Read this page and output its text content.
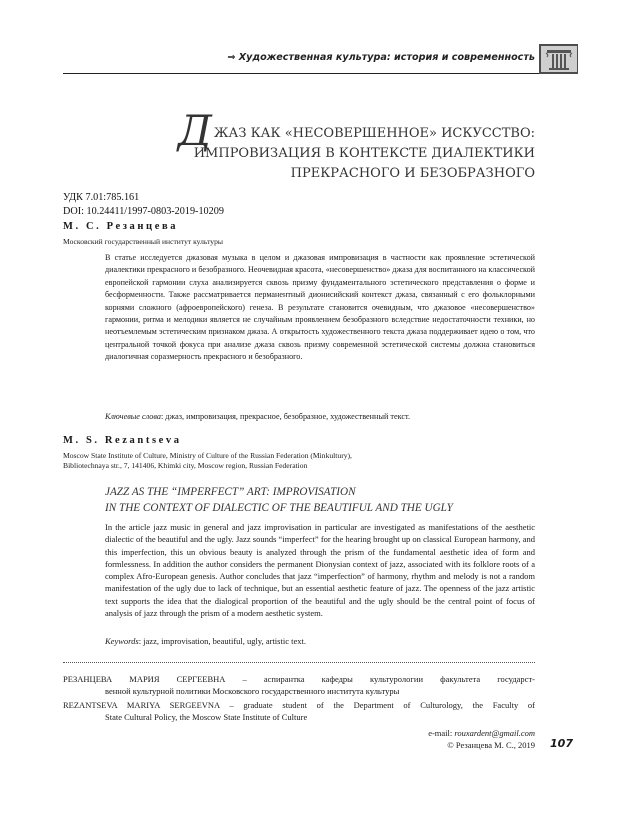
⇒ Художественная культура: история и современность
ДЖАЗ КАК «НЕСОВЕРШЕННОЕ» ИСКУССТВО:
ИМПРОВИЗАЦИЯ В КОНТЕКСТЕ ДИАЛЕКТИКИ
ПРЕКРАСНОГО И БЕЗОБРАЗНОГО
УДК 7.01:785.161
DOI: 10.24411/1997-0803-2019-10209
М. С. Резанцева
Московский государственный институт культуры
В статье исследуется джазовая музыка в целом и джазовая импровизация в частности как проявление эстетической диалектики прекрасного и безобразного. Неочевидная красота, «несовершенство» джаза для воспитанного на классической европейской гармонии слуха анализируется сквозь призму фундаментального эстетического представления о форме и бесформенности. Также рассматривается перманентный дионисийский контекст джаза, связанный с его фольклорными корнями сложного (афроевропейского) генеза. В результате становится очевидным, что джазовое «несовершенство» гармонии, ритма и мелодики является не случайным проявлением безобразного вследствие недостаточности техники, но неотъемлемым эстетическим признаком джаза. А открытость художественного текста джаза поддерживает идею о том, что центральной точкой фокуса при анализе джаза сквозь призму современной эстетической системы должна становиться диалогичная соразмерность прекрасного и безобразного.
Ключевые слова: джаз, импровизация, прекрасное, безобразное, художественный текст.
M. S. Rezantseva
Moscow State Institute of Culture, Ministry of Culture of the Russian Federation (Minkultury),
Bibliotechnaya str., 7, 141406, Khimki city, Moscow region, Russian Federation
JAZZ AS THE “IMPERFECT” ART: IMPROVISATION
IN THE CONTEXT OF DIALECTIC OF THE BEAUTIFUL AND THE UGLY
In the article jazz music in general and jazz improvisation in particular are investigated as manifestations of the aesthetic dialectic of the beautiful and the ugly. Jazz sounds “imperfect” for the hearing brought up on classical European harmony, and this imperfection, this un obvious beauty is analyzed through the prism of the fundamental aesthetic idea of form and formlessness. In addition the author considers the permanent Dionysian context of jazz, associated with its folklore roots of a complex Afro-European genesis. Author concludes that jazz “imperfection” of harmony, rhythm and melody is not a random manifestation of the ugly due to lack of technique, but an essential aesthetic feature of jazz. The openness of the jazz artistic text supports the idea that the dialogical proportion of the beautiful and the ugly should be the central point of focus of analysis of jazz through the prism of a modern aesthetic system.
Keywords: jazz, improvisation, beautiful, ugly, artistic text.
РЕЗАНЦЕВА МАРИЯ СЕРГЕЕВНА – аспирантка кафедры культурологии факультета государст-
венной культурной политики Московского государственного института культуры
REZANTSEVA MARIYA SERGEEVNA – graduate student of the Department of Culturology, the Faculty of
State Cultural Policy, the Moscow State Institute of Culture
e-mail: rouxardent@gmail.com
© Резанцева М. С., 2019 107
